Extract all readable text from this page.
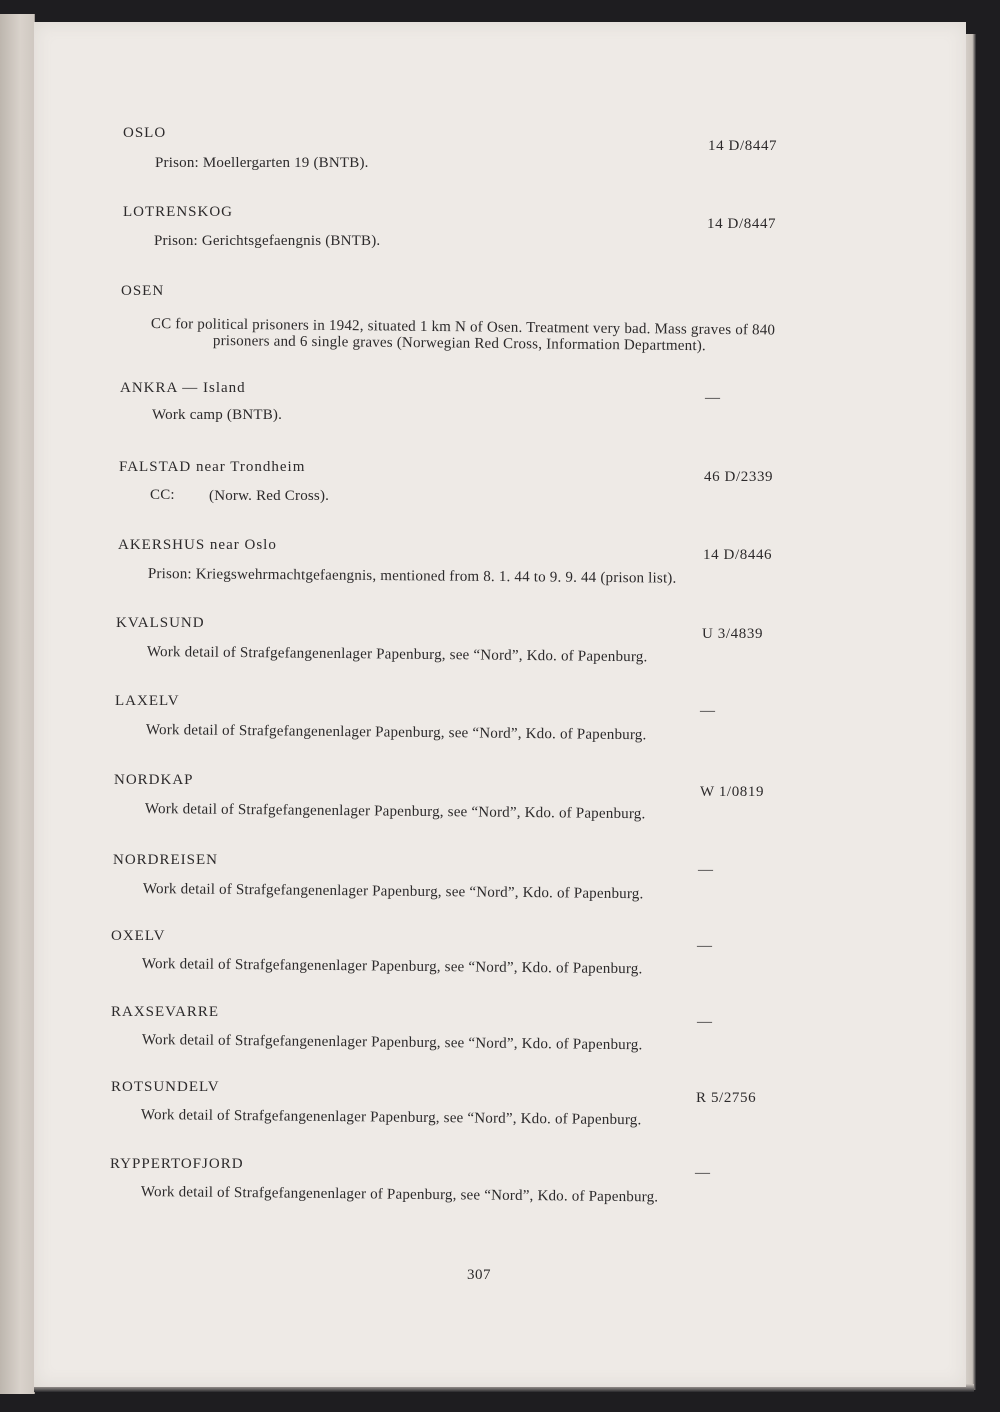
OSLO
14 D/8447
Prison: Moellergarten 19 (BNTB).
LOTRENSKOG
14 D/8447
Prison: Gerichtsgefaengnis (BNTB).
OSEN
CC for political prisoners in 1942, situated 1 km N of Osen. Treatment very bad. Mass graves of 840
prisoners and 6 single graves (Norwegian Red Cross, Information Department).
ANKRA — Island
—
Work camp (BNTB).
FALSTAD near Trondheim
46 D/2339
CC: (Norw. Red Cross).
AKERSHUS near Oslo
14 D/8446
Prison: Kriegswehrmachtgefaengnis, mentioned from 8. 1. 44 to 9. 9. 44 (prison list).
KVALSUND
U 3/4839
Work detail of Strafgefangenenlager Papenburg, see “Nord”, Kdo. of Papenburg.
LAXELV
—
Work detail of Strafgefangenenlager Papenburg, see “Nord”, Kdo. of Papenburg.
NORDKAP
W 1/0819
Work detail of Strafgefangenenlager Papenburg, see “Nord”, Kdo. of Papenburg.
NORDREISEN
—
Work detail of Strafgefangenenlager Papenburg, see “Nord”, Kdo. of Papenburg.
OXELV
—
Work detail of Strafgefangenenlager Papenburg, see “Nord”, Kdo. of Papenburg.
RAXSEVARRE
—
Work detail of Strafgefangenenlager Papenburg, see “Nord”, Kdo. of Papenburg.
ROTSUNDELV
R 5/2756
Work detail of Strafgefangenenlager Papenburg, see “Nord”, Kdo. of Papenburg.
RYPPERTOFJORD
—
Work detail of Strafgefangenenlager of Papenburg, see “Nord”, Kdo. of Papenburg.
307
